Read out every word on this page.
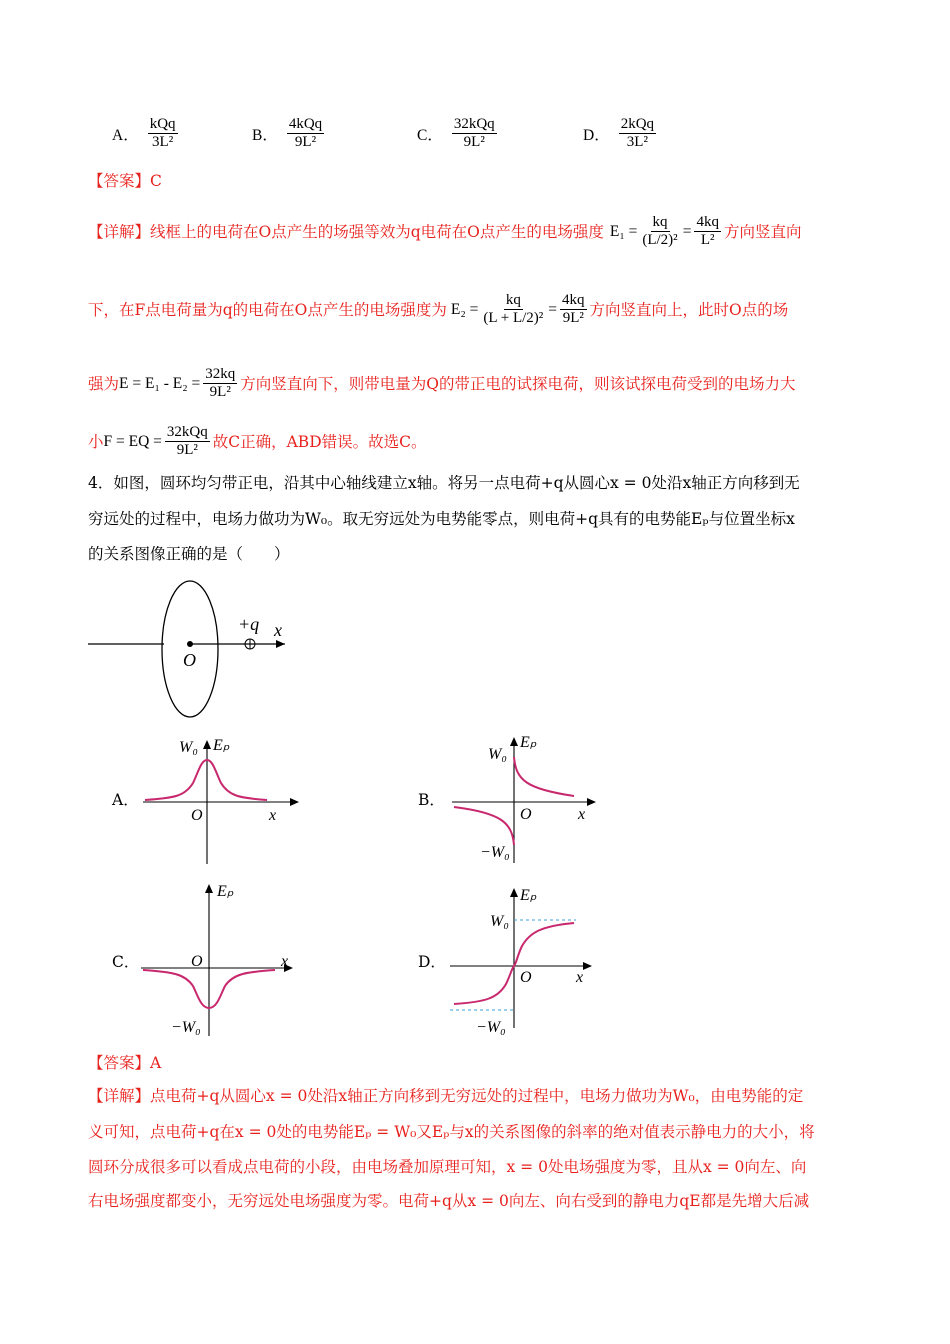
A． $\frac{\text{kQq}}{\text{3L²}}$	B． $\frac{\text{4kQq}}{\text{9L²}}$	C． $\frac{\text{32kQq}}{\text{9L²}}$	D． $\frac{\text{2kQq}}{\text{3L²}}$
【答案】C
【详解】 线框上的电荷在O点产生的场强等效为q电荷在O点产生的电场强度 $E_1 = \frac{kq}{\text{(L/2)²}} = \frac{4kq}{\text{L²}}$ 方向竖直向
下，在F点电荷量为q的电荷在O点产生的电场强度为 $E_2 = \frac{kq}{\text{(L + L/2)²}} = \frac{4kq}{\text{9L²}}$ 方向竖直向上，此时O点的场
强为 $E = E_1 - E_2 = \frac{32kq}{\text{9L²}}$ 方向竖直向下，则带电量为Q的带正电的试探电荷，则该试探电荷受到的电场力大
小 F = EQ = $\frac{\text{32kQq}}{\text{9L²}}$ 故C正确，ABD错误。故选C。
4．如图，圆环均匀带正电，沿其中心轴线建立x轴。将另一点电荷+q从圆心x = 0处沿x轴正方向移到无
穷远处的过程中，电场力做功为W₀。取无穷远处为电势能零点，则电荷+q具有的电势能Eₚ与位置坐标x
的关系图像正确的是（　　）
O
+q x
A．
Eₚ
W₀
O	x
B．
Eₚ
W₀
O	x
−W₀
C．
Eₚ
O	x
−W₀
D．
Eₚ
W₀
O	x
−W₀
【答案】A
【详解】点电荷+q从圆心x = 0处沿x轴正方向移到无穷远处的过程中，电场力做功为W₀，由电势能的定
义可知，点电荷+q在x = 0处的电势能Eₚ = W₀又Eₚ与x的关系图像的斜率的绝对值表示静电力的大小，将
圆环分成很多可以看成点电荷的小段，由电场叠加原理可知，x = 0处电场强度为零，且从x = 0向左、向
右电场强度都变小，无穷远处电场强度为零。电荷+q从x = 0向左、向右受到的静电力qE都是先增大后减
